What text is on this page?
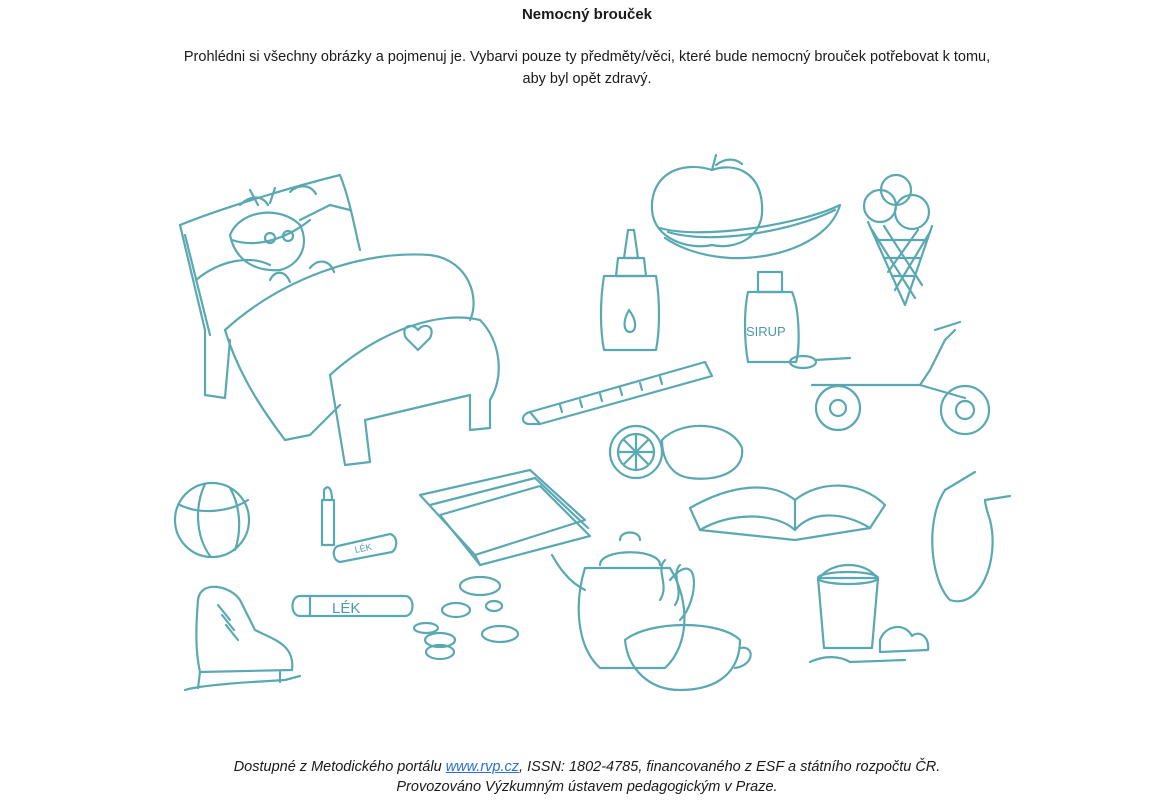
Nemocný brouček
Prohlédni si všechny obrázky a pojmenuj je. Vybarvi pouze ty předměty/věci, které bude nemocný brouček potřebovat k tomu,
aby byl opět zdravý.
SIRUP
LÉK
LÉK
Dostupné z Metodického portálu www.rvp.cz, ISSN: 1802-4785, financovaného z ESF a státního rozpočtu ČR.
Provozováno Výzkumným ústavem pedagogickým v Praze.
